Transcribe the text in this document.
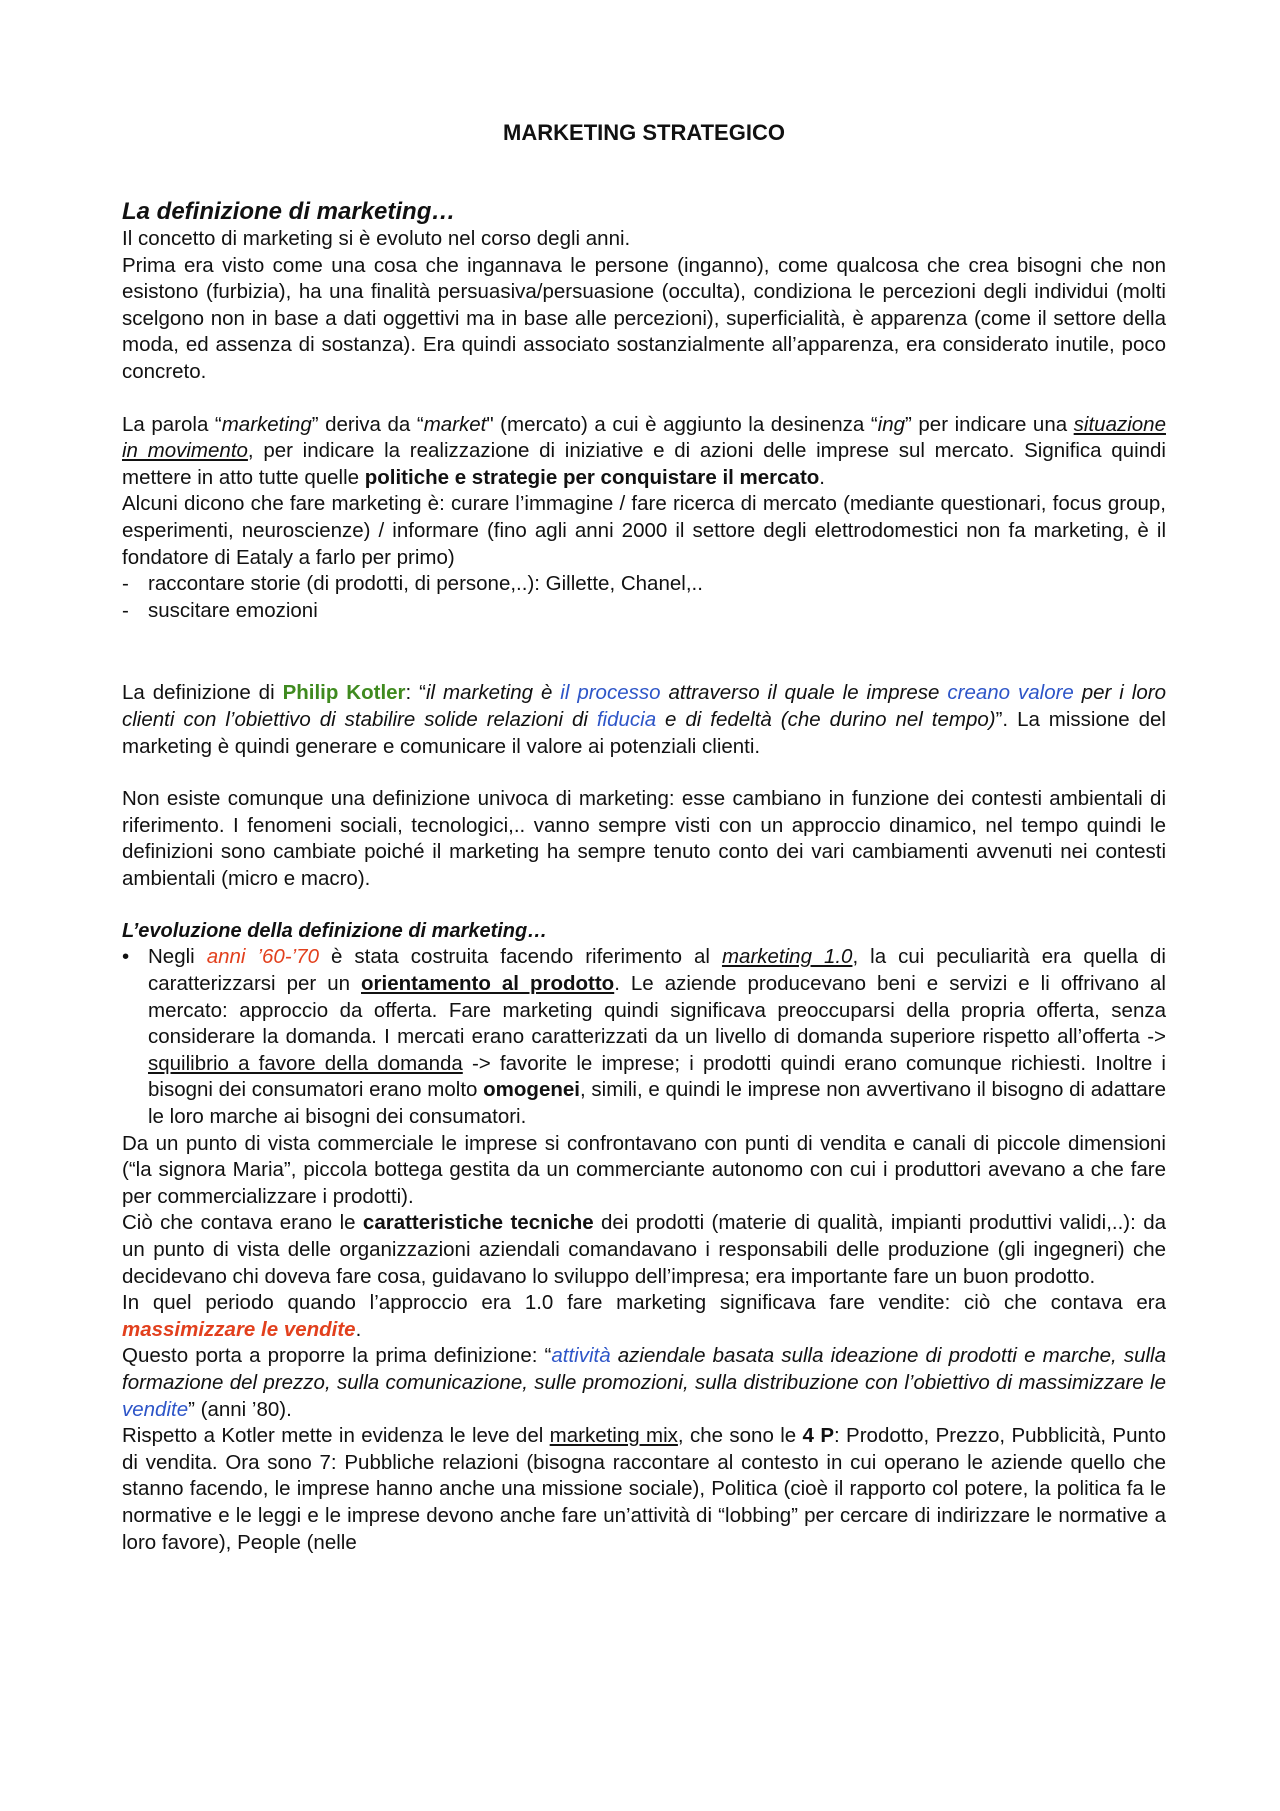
MARKETING STRATEGICO
La definizione di marketing…

Il concetto di marketing si è evoluto nel corso degli anni.

Prima era visto come una cosa che ingannava le persone (inganno), come qualcosa che crea bisogni che non esistono (furbizia), ha una finalità persuasiva/persuasione (occulta), condiziona le percezioni degli individui (molti scelgono non in base a dati oggettivi ma in base alle percezioni), superficialità, è apparenza (come il settore della moda, ed assenza di sostanza). Era quindi associato sostanzialmente all’apparenza, era considerato inutile, poco concreto.

La parola “marketing” deriva da “market" (mercato) a cui è aggiunto la desinenza “ing” per indicare una situazione in movimento, per indicare la realizzazione di iniziative e di azioni delle imprese sul mercato. Significa quindi mettere in atto tutte quelle politiche e strategie per conquistare il mercato.

Alcuni dicono che fare marketing è: curare l’immagine / fare ricerca di mercato (mediante questionari, focus group, esperimenti, neuroscienze) / informare (fino agli anni 2000 il settore degli elettrodomestici non fa marketing, è il fondatore di Eataly a farlo per primo)

- raccontare storie (di prodotti, di persone,..): Gillette, Chanel,..
- suscitare emozioni

La definizione di Philip Kotler: “il marketing è il processo attraverso il quale le imprese creano valore per i loro clienti con l’obiettivo di stabilire solide relazioni di fiducia e di fedeltà (che durino nel tempo)”. La missione del marketing è quindi generare e comunicare il valore ai potenziali clienti.

Non esiste comunque una definizione univoca di marketing: esse cambiano in funzione dei contesti ambientali di riferimento. I fenomeni sociali, tecnologici,.. vanno sempre visti con un approccio dinamico, nel tempo quindi le definizioni sono cambiate poiché il marketing ha sempre tenuto conto dei vari cambiamenti avvenuti nei contesti ambientali (micro e macro).

L’evoluzione della definizione di marketing…
• Negli anni ’60-’70 è stata costruita facendo riferimento al marketing 1.0, la cui peculiarità era quella di caratterizzarsi per un orientamento al prodotto. Le aziende producevano beni e servizi e li offrivano al mercato: approccio da offerta. Fare marketing quindi significava preoccuparsi della propria offerta, senza considerare la domanda. I mercati erano caratterizzati da un livello di domanda superiore rispetto all’offerta -> squilibrio a favore della domanda -> favorite le imprese; i prodotti quindi erano comunque richiesti. Inoltre i bisogni dei consumatori erano molto omogenei, simili, e quindi le imprese non avvertivano il bisogno di adattare le loro marche ai bisogni dei consumatori.

Da un punto di vista commerciale le imprese si confrontavano con punti di vendita e canali di piccole dimensioni (“la signora Maria”, piccola bottega gestita da un commerciante autonomo con cui i produttori avevano a che fare per commercializzare i prodotti).

Ciò che contava erano le caratteristiche tecniche dei prodotti (materie di qualità, impianti produttivi validi,..): da un punto di vista delle organizzazioni aziendali comandavano i responsabili delle produzione (gli ingegneri) che decidevano chi doveva fare cosa, guidavano lo sviluppo dell’impresa; era importante fare un buon prodotto.

In quel periodo quando l’approccio era 1.0 fare marketing significava fare vendite: ciò che contava era massimizzare le vendite.

Questo porta a proporre la prima definizione: “attività aziendale basata sulla ideazione di prodotti e marche, sulla formazione del prezzo, sulla comunicazione, sulle promozioni, sulla distribuzione con l’obiettivo di massimizzare le vendite” (anni ’80).

Rispetto a Kotler mette in evidenza le leve del marketing mix, che sono le 4 P: Prodotto, Prezzo, Pubblicità, Punto di vendita. Ora sono 7: Pubbliche relazioni (bisogna raccontare al contesto in cui operano le aziende quello che stanno facendo, le imprese hanno anche una missione sociale), Politica (cioè il rapporto col potere, la politica fa le normative e le leggi e le imprese devono anche fare un’attività di “lobbing” per cercare di indirizzare le normative a loro favore), People (nelle
